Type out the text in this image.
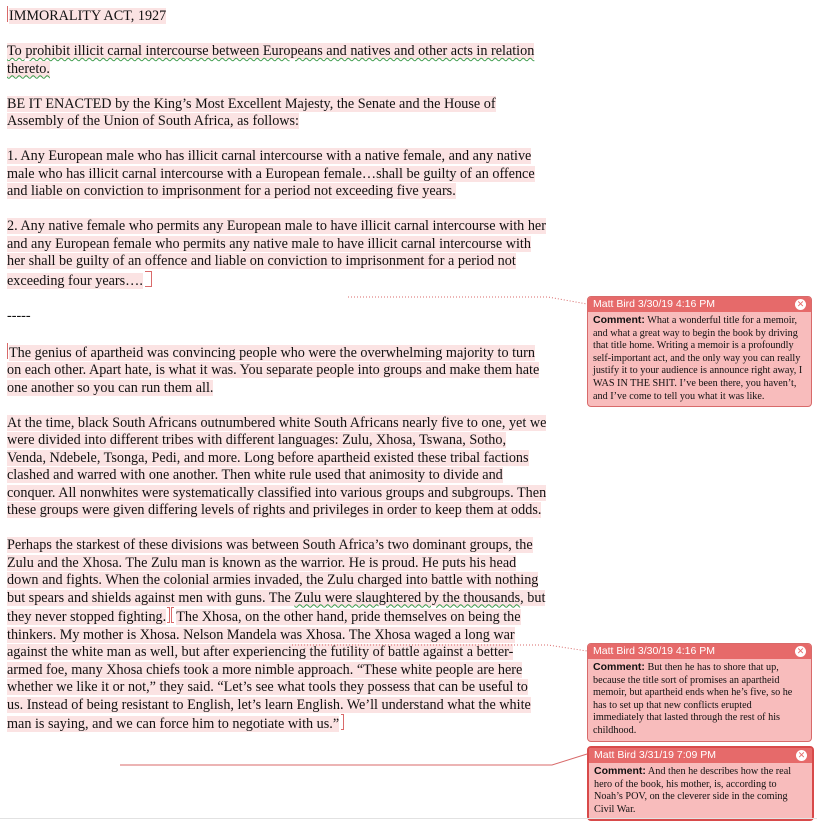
IMMORALITY ACT, 1927

To prohibit illicit carnal intercourse between Europeans and natives and other acts in relation thereto.

BE IT ENACTED by the King’s Most Excellent Majesty, the Senate and the House of Assembly of the Union of South Africa, as follows:

1. Any European male who has illicit carnal intercourse with a native female, and any native male who has illicit carnal intercourse with a European female…shall be guilty of an offence and liable on conviction to imprisonment for a period not exceeding five years.

2. Any native female who permits any European male to have illicit carnal intercourse with her and any European female who permits any native male to have illicit carnal intercourse with her shall be guilty of an offence and liable on conviction to imprisonment for a period not exceeding four years….

-----

The genius of apartheid was convincing people who were the overwhelming majority to turn on each other. Apart hate, is what it was. You separate people into groups and make them hate one another so you can run them all.

At the time, black South Africans outnumbered white South Africans nearly five to one, yet we were divided into different tribes with different languages: Zulu, Xhosa, Tswana, Sotho, Venda, Ndebele, Tsonga, Pedi, and more. Long before apartheid existed these tribal factions clashed and warred with one another. Then white rule used that animosity to divide and conquer. All nonwhites were systematically classified into various groups and subgroups. Then these groups were given differing levels of rights and privileges in order to keep them at odds.

Perhaps the starkest of these divisions was between South Africa’s two dominant groups, the Zulu and the Xhosa. The Zulu man is known as the warrior. He is proud. He puts his head down and fights. When the colonial armies invaded, the Zulu charged into battle with nothing but spears and shields against men with guns. The Zulu were slaughtered by the thousands, but they never stopped fighting. The Xhosa, on the other hand, pride themselves on being the thinkers. My mother is Xhosa. Nelson Mandela was Xhosa. The Xhosa waged a long war against the white man as well, but after experiencing the futility of battle against a better-armed foe, many Xhosa chiefs took a more nimble approach. “These white people are here whether we like it or not,” they said. “Let’s see what tools they possess that can be useful to us. Instead of being resistant to English, let’s learn English. We’ll understand what the white man is saying, and we can force him to negotiate with us.”

Matt Bird 3/30/19 4:16 PM	✕
Comment: What a wonderful title for a memoir, and what a great way to begin the book by driving that title home. Writing a memoir is a profoundly self-important act, and the only way you can really justify it to your audience is announce right away, I WAS IN THE SHIT. I’ve been there, you haven’t, and I’ve come to tell you what it was like.
Matt Bird 3/30/19 4:16 PM	✕
Comment: But then he has to shore that up, because the title sort of promises an apartheid memoir, but apartheid ends when he’s five, so he has to set up that new conflicts erupted immediately that lasted through the rest of his childhood.
Matt Bird 3/31/19 7:09 PM	✕
Comment: And then he describes how the real hero of the book, his mother, is, according to Noah’s POV, on the cleverer side in the coming Civil War.
